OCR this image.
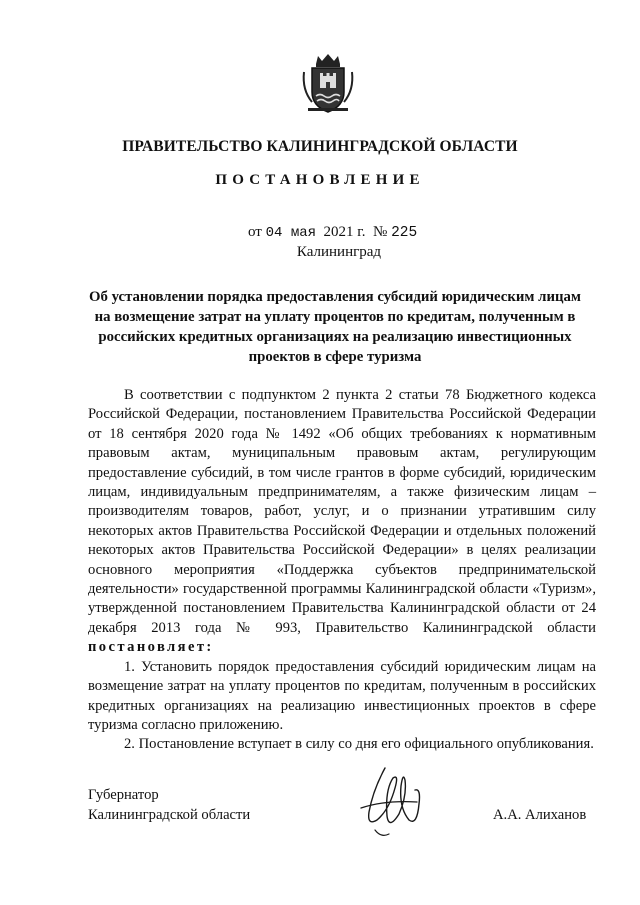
ПРАВИТЕЛЬСТВО КАЛИНИНГРАДСКОЙ ОБЛАСТИ
ПОСТАНОВЛЕНИЕ
от 04 мая 2021 г. № 225
Калининград
Об установлении порядка предоставления субсидий юридическим лицам на возмещение затрат на уплату процентов по кредитам, полученным в российских кредитных организациях на реализацию инвестиционных проектов в сфере туризма

В соответствии с подпунктом 2 пункта 2 статьи 78 Бюджетного кодекса Российской Федерации, постановлением Правительства Российской Федерации от 18 сентября 2020 года № 1492 «Об общих требованиях к нормативным правовым актам, муниципальным правовым актам, регулирующим предоставление субсидий, в том числе грантов в форме субсидий, юридическим лицам, индивидуальным предпринимателям, а также физическим лицам – производителям товаров, работ, услуг, и о признании утратившим силу некоторых актов Правительства Российской Федерации и отдельных положений некоторых актов Правительства Российской Федерации» в целях реализации основного мероприятия «Поддержка субъектов предпринимательской деятельности» государственной программы Калининградской области «Туризм», утвержденной постановлением Правительства Калининградской области от 24 декабря 2013 года № 993, Правительство Калининградской области постановляет:

1. Установить порядок предоставления субсидий юридическим лицам на возмещение затрат на уплату процентов по кредитам, полученным в российских кредитных организациях на реализацию инвестиционных проектов в сфере туризма согласно приложению.

2. Постановление вступает в силу со дня его официального опубликования.

Губернатор
Калининградской области	А.А. Алиханов
